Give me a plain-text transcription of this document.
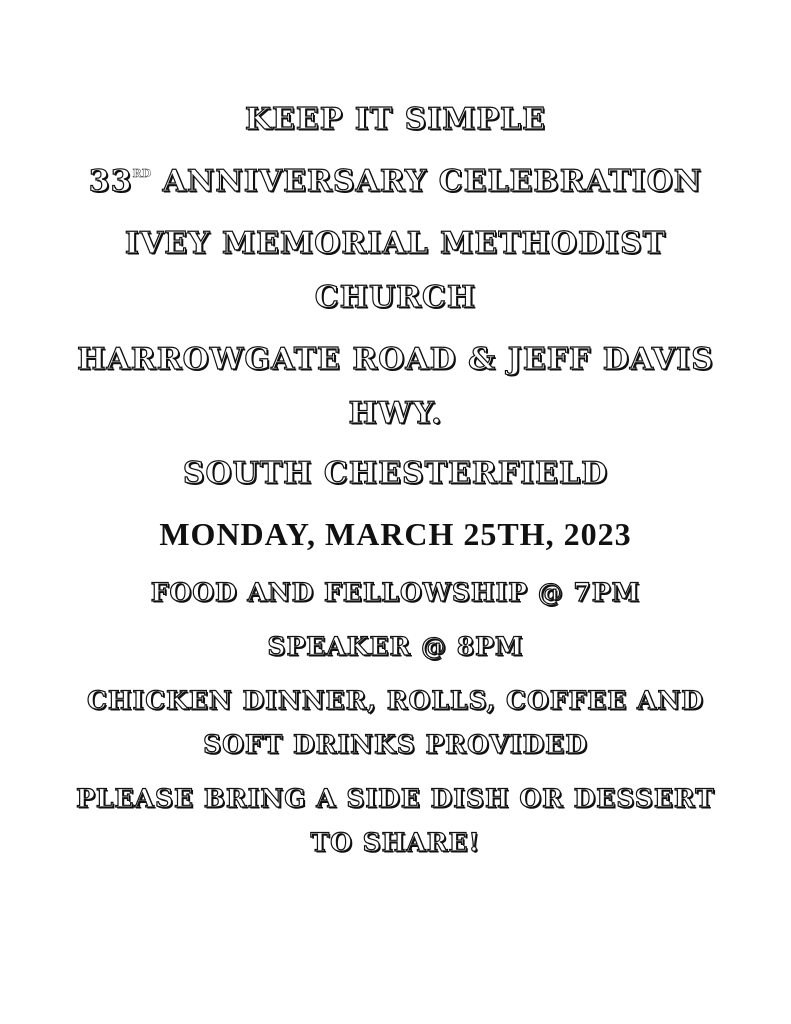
KEEP IT SIMPLE
33RD ANNIVERSARY CELEBRATION
IVEY MEMORIAL METHODIST
CHURCH
HARROWGATE ROAD & JEFF DAVIS
HWY.
SOUTH CHESTERFIELD
MONDAY, MARCH 25TH, 2023
FOOD AND FELLOWSHIP @ 7PM
SPEAKER @ 8PM
CHICKEN DINNER, ROLLS, COFFEE AND
SOFT DRINKS PROVIDED
PLEASE BRING A SIDE DISH OR DESSERT
TO SHARE!
